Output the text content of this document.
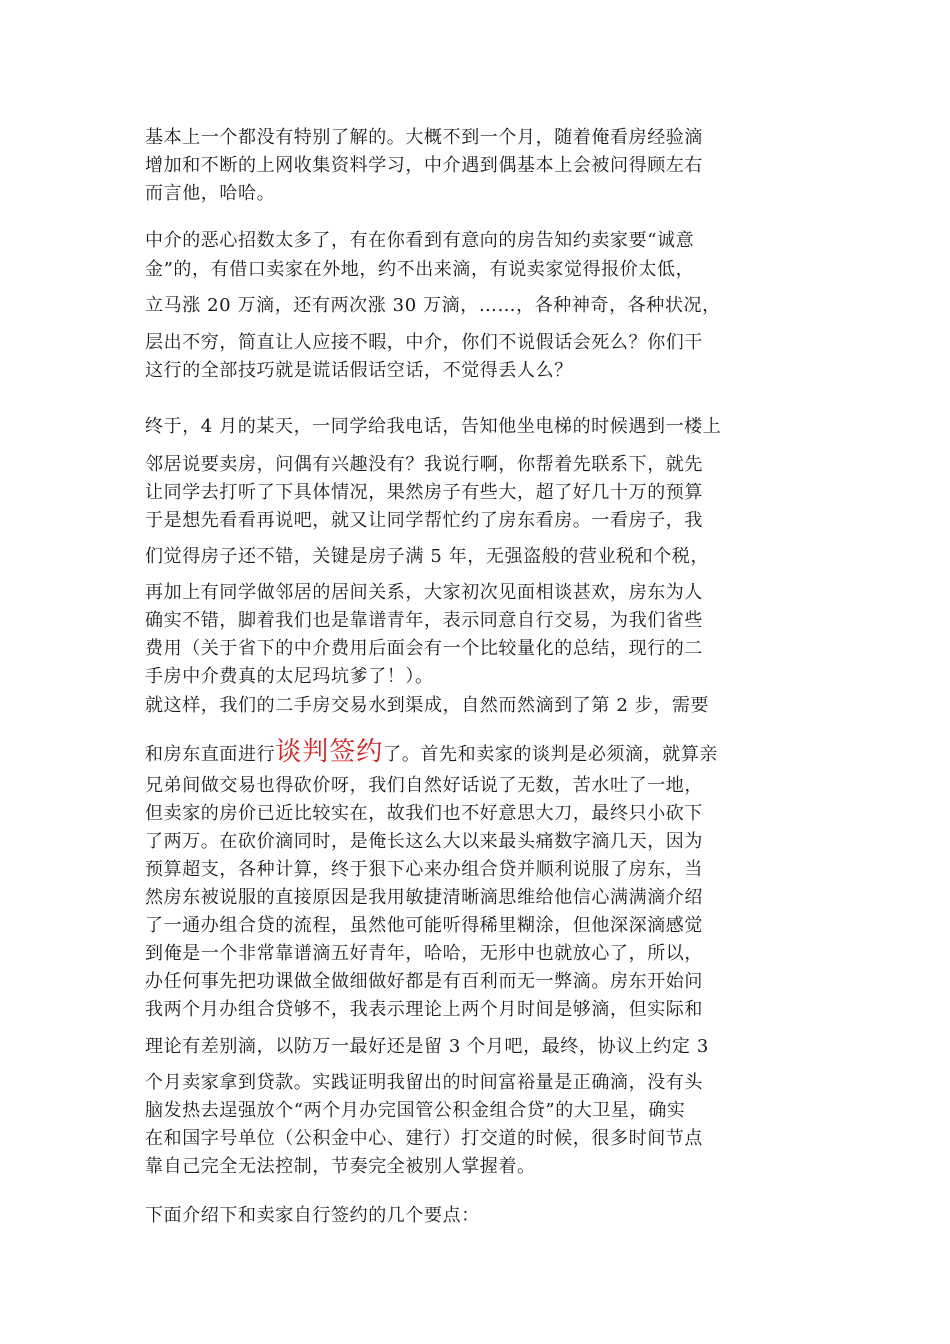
基本上一个都没有特别了解的。大概不到一个月，随着俺看房经验滴
增加和不断的上网收集资料学习，中介遇到偶基本上会被问得顾左右
而言他，哈哈。
中介的恶心招数太多了，有在你看到有意向的房告知约卖家要“诚意
金”的，有借口卖家在外地，约不出来滴，有说卖家觉得报价太低，
立马涨 20 万滴，还有两次涨 30 万滴，……，各种神奇，各种状况，
层出不穷，简直让人应接不暇，中介，你们不说假话会死么？你们干
这行的全部技巧就是谎话假话空话，不觉得丢人么？
终于，4 月的某天，一同学给我电话，告知他坐电梯的时候遇到一楼上
邻居说要卖房，问偶有兴趣没有？我说行啊，你帮着先联系下，就先
让同学去打听了下具体情况，果然房子有些大，超了好几十万的预算
于是想先看看再说吧，就又让同学帮忙约了房东看房。一看房子，我
们觉得房子还不错，关键是房子满 5 年，无强盗般的营业税和个税，
再加上有同学做邻居的居间关系，大家初次见面相谈甚欢，房东为人
确实不错，脚着我们也是靠谱青年，表示同意自行交易，为我们省些
费用（关于省下的中介费用后面会有一个比较量化的总结，现行的二
手房中介费真的太尼玛坑爹了！）。
就这样，我们的二手房交易水到渠成，自然而然滴到了第 2 步，需要
和房东直面进行谈判签约了。首先和卖家的谈判是必须滴，就算亲
兄弟间做交易也得砍价呀，我们自然好话说了无数，苦水吐了一地，
但卖家的房价已近比较实在，故我们也不好意思大刀，最终只小砍下
了两万。在砍价滴同时，是俺长这么大以来最头痛数字滴几天，因为
预算超支，各种计算，终于狠下心来办组合贷并顺利说服了房东，当
然房东被说服的直接原因是我用敏捷清晰滴思维给他信心满满滴介绍
了一通办组合贷的流程，虽然他可能听得稀里糊涂，但他深深滴感觉
到俺是一个非常靠谱滴五好青年，哈哈，无形中也就放心了，所以，
办任何事先把功课做全做细做好都是有百利而无一弊滴。房东开始问
我两个月办组合贷够不，我表示理论上两个月时间是够滴，但实际和
理论有差别滴，以防万一最好还是留 3 个月吧，最终，协议上约定 3
个月卖家拿到贷款。实践证明我留出的时间富裕量是正确滴，没有头
脑发热去逞强放个“两个月办完国管公积金组合贷”的大卫星，确实
在和国字号单位（公积金中心、建行）打交道的时候，很多时间节点
靠自己完全无法控制，节奏完全被别人掌握着。
下面介绍下和卖家自行签约的几个要点：
